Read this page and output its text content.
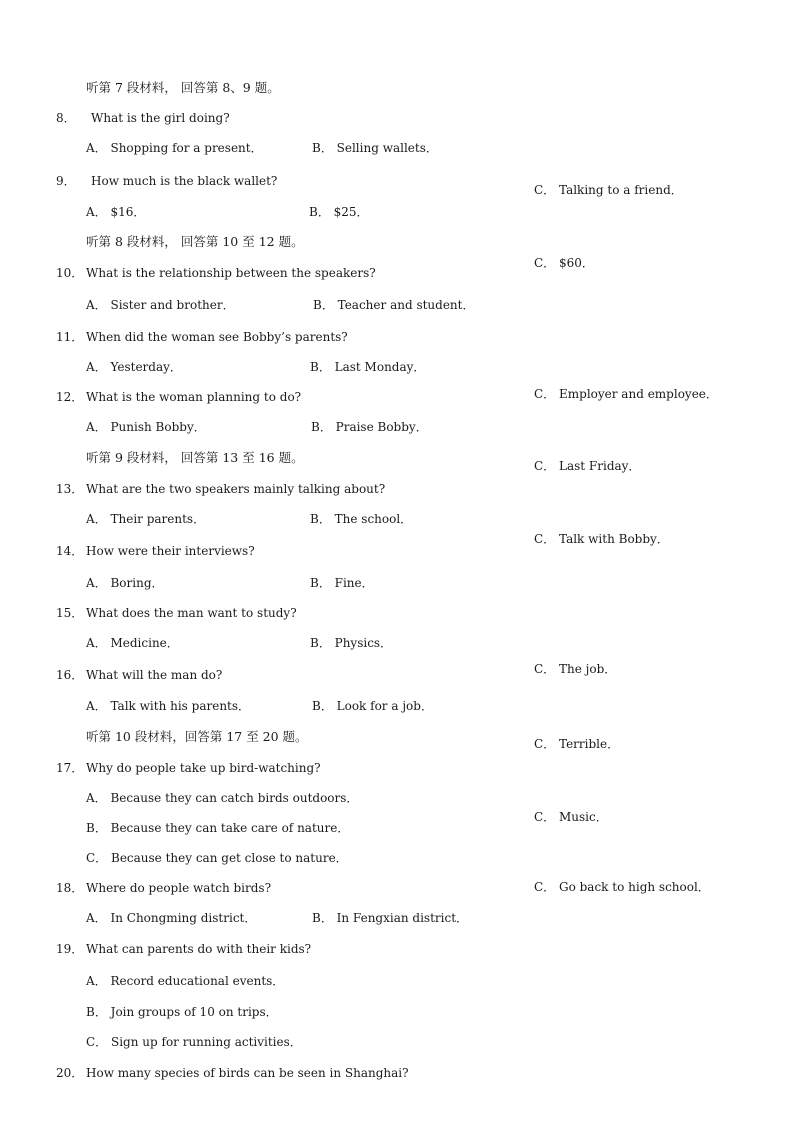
听第 7 段材料， 回答第 8、9 题。
听第 8 段材料， 回答第 10 至 12 题。
听第 9 段材料， 回答第 13 至 16 题。
听第 10 段材料，回答第 17 至 20 题。
8． What is the girl doing?
A． Shopping for a present．	B． Selling wallets．
C． Talking to a friend．
9． How much is the black wallet?
A． $16．	B． $25．
C． $60．
10． What is the relationship between the speakers?
A． Sister and brother．	B． Teacher and student．
C． Employer and employee．
11． When did the woman see Bobby’s parents?
A． Yesterday．	B． Last Monday．
C． Last Friday．
12． What is the woman planning to do?
A． Punish Bobby．	B． Praise Bobby．
C． Talk with Bobby．
13． What are the two speakers mainly talking about?
A． Their parents．	B． The school．
C． The job．
14． How were their interviews?
A． Boring．	B． Fine．
C． Terrible．
15． What does the man want to study?
A． Medicine．	B． Physics．
C． Music．
16． What will the man do?
A． Talk with his parents．	B． Look for a job．
C． Go back to high school．
17． Why do people take up bird-watching?
A． Because they can catch birds outdoors．
B． Because they can take care of nature．
C． Because they can get close to nature．
18． Where do people watch birds?
A． In Chongming district．	B． In Fengxian district．
19． What can parents do with their kids?
A． Record educational events．
B． Join groups of 10 on trips．
C． Sign up for running activities．
20． How many species of birds can be seen in Shanghai?
